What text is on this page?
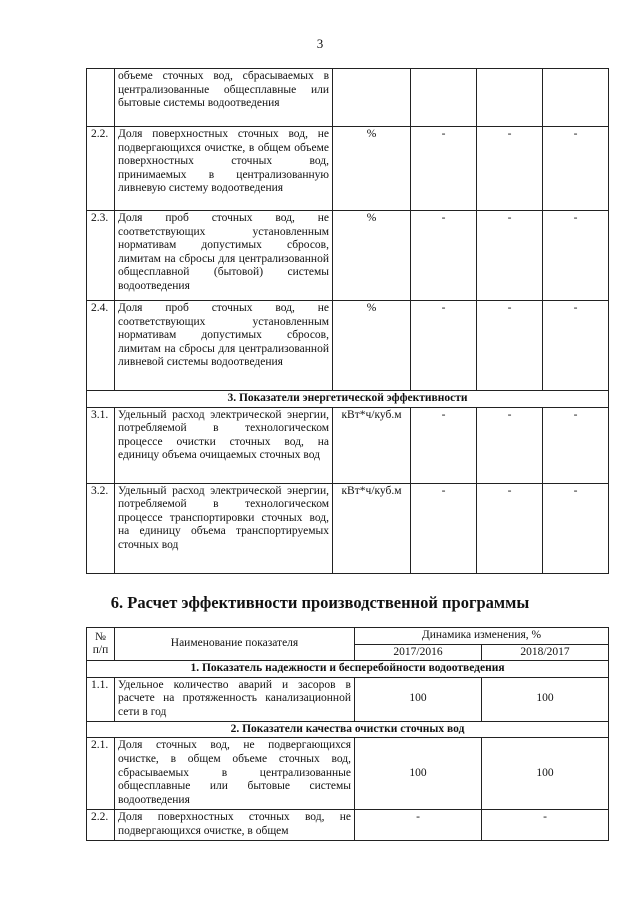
3
	объеме сточных вод, сбрасываемых в централизованные общесплавные или бытовые системы водоотведения				
2.2.	Доля поверхностных сточных вод, не подвергающихся очистке, в общем объеме поверхностных сточных вод, принимаемых в централизованную ливневую систему водоотведения	%	-	-	-
2.3.	Доля проб сточных вод, не соответствующих установленным нормативам допустимых сбросов, лимитам на сбросы для централизованной общесплавной (бытовой) системы водоотведения	%	-	-	-
2.4.	Доля проб сточных вод, не соответствующих установленным нормативам допустимых сбросов, лимитам на сбросы для централизованной ливневой системы водоотведения	%	-	-	-
3. Показатели энергетической эффективности					
3.1.	Удельный расход электрической энергии, потребляемой в технологическом процессе очистки сточных вод, на единицу объема очищаемых сточных вод	кВт*ч/куб.м	-	-	-
3.2.	Удельный расход электрической энергии, потребляемой в технологическом процессе транспортировки сточных вод, на единицу объема транспортируемых сточных вод	кВт*ч/куб.м	-	-	-
6. Расчет эффективности производственной программы
№ п/п	Наименование показателя	Динамика изменения, %	
		2017/2016	2018/2017
1. Показатель надежности и бесперебойности водоотведения			
1.1.	Удельное количество аварий и засоров в расчете на протяженность канализационной сети в год	100	100
2. Показатели качества очистки сточных вод			
2.1.	Доля сточных вод, не подвергающихся очистке, в общем объеме сточных вод, сбрасываемых в централизованные общесплавные или бытовые системы водоотведения	100	100
2.2.	Доля поверхностных сточных вод, не подвергающихся очистке, в общем	-	-
